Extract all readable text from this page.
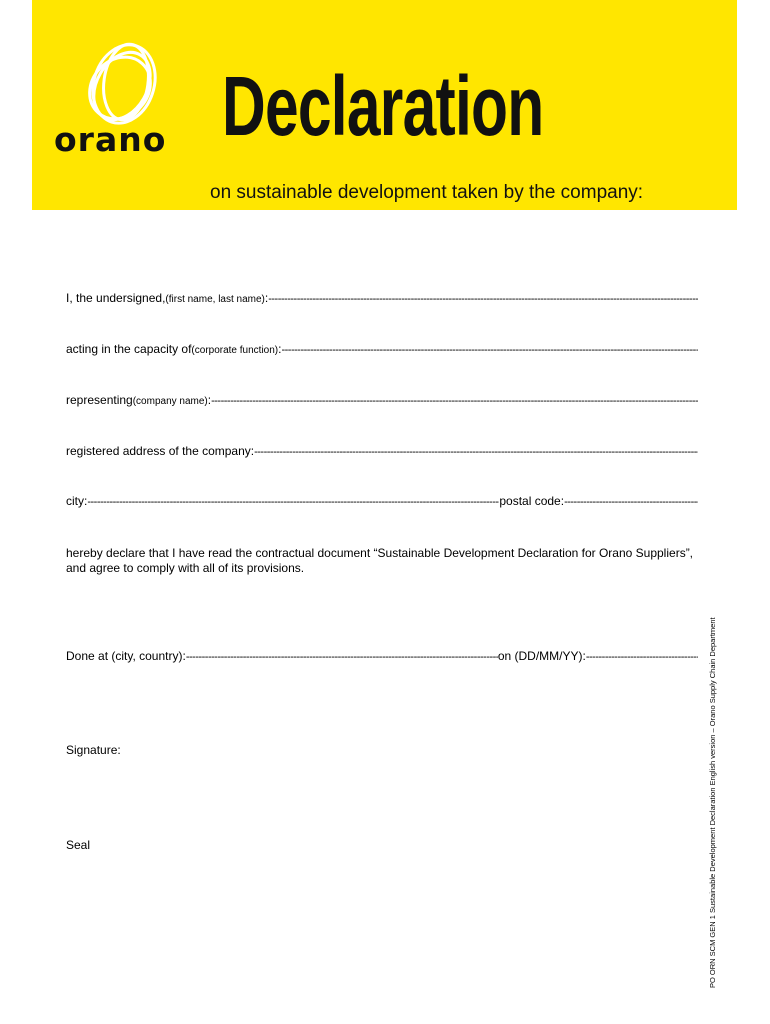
orano Declaration
on sustainable development taken by the company:
I, the undersigned, (first name, last name) :
-----
acting in the capacity of (corporate function) :
-----
representing (company name) :
-----
registered address of the company:
-----
city: -----	postal code:
-----
hereby declare that I have read the contractual document “Sustainable Development Declaration for Orano Suppliers”, and agree to comply with all of its provisions.
Done at (city, country): -----	on (DD/MM/YY):
-----
Signature:
Seal	PO ORN SCM GEN 1 Sustainable Development Declaration English version – Orano Supply Chain Department
